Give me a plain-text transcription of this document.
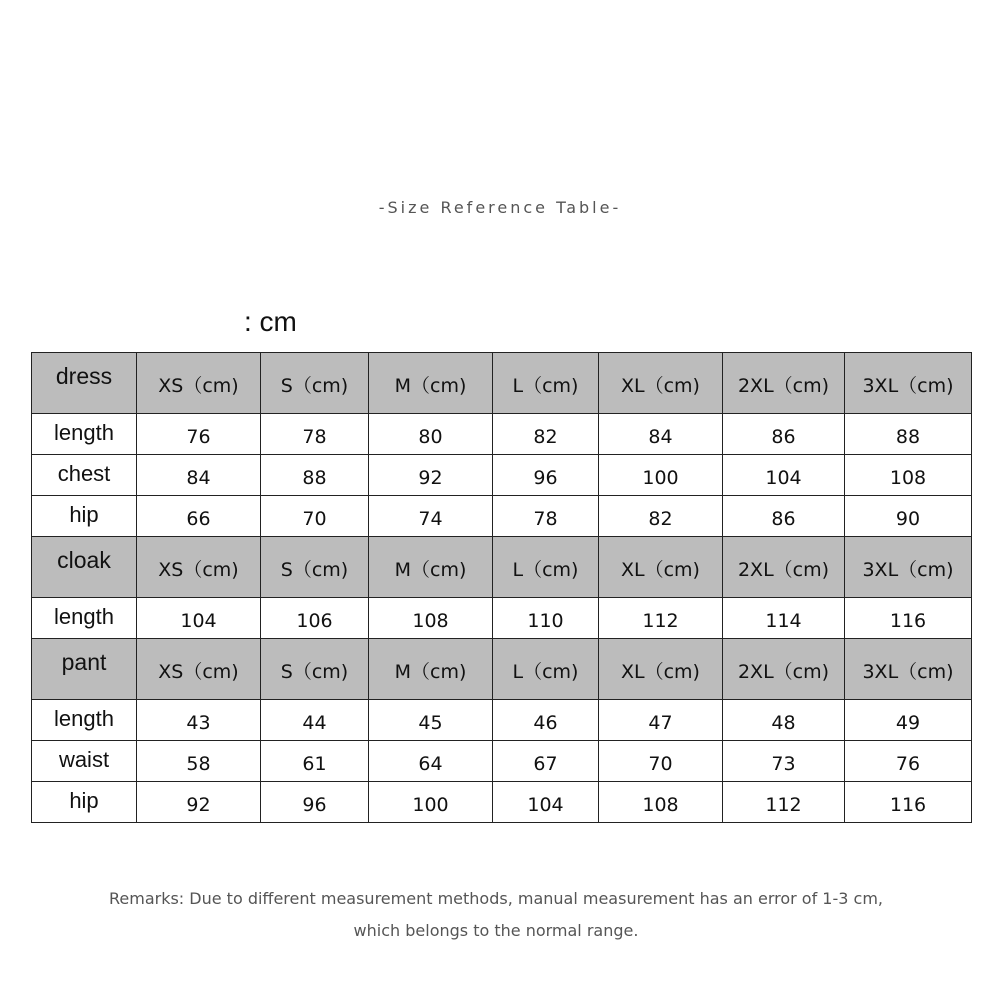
-Size Reference Table-
: cm
dress	XS（cm)	S（cm)	M（cm)	L（cm)	XL（cm)	2XL（cm)	3XL（cm)
length	76	78	80	82	84	86	88
chest	84	88	92	96	100	104	108
hip	66	70	74	78	82	86	90
cloak	XS（cm)	S（cm)	M（cm)	L（cm)	XL（cm)	2XL（cm)	3XL（cm)
length	104	106	108	110	112	114	116
pant	XS（cm)	S（cm)	M（cm)	L（cm)	XL（cm)	2XL（cm)	3XL（cm)
length	43	44	45	46	47	48	49
waist	58	61	64	67	70	73	76
hip	92	96	100	104	108	112	116
Remarks: Due to different measurement methods, manual measurement has an error of 1-3 cm,
which belongs to the normal range.
